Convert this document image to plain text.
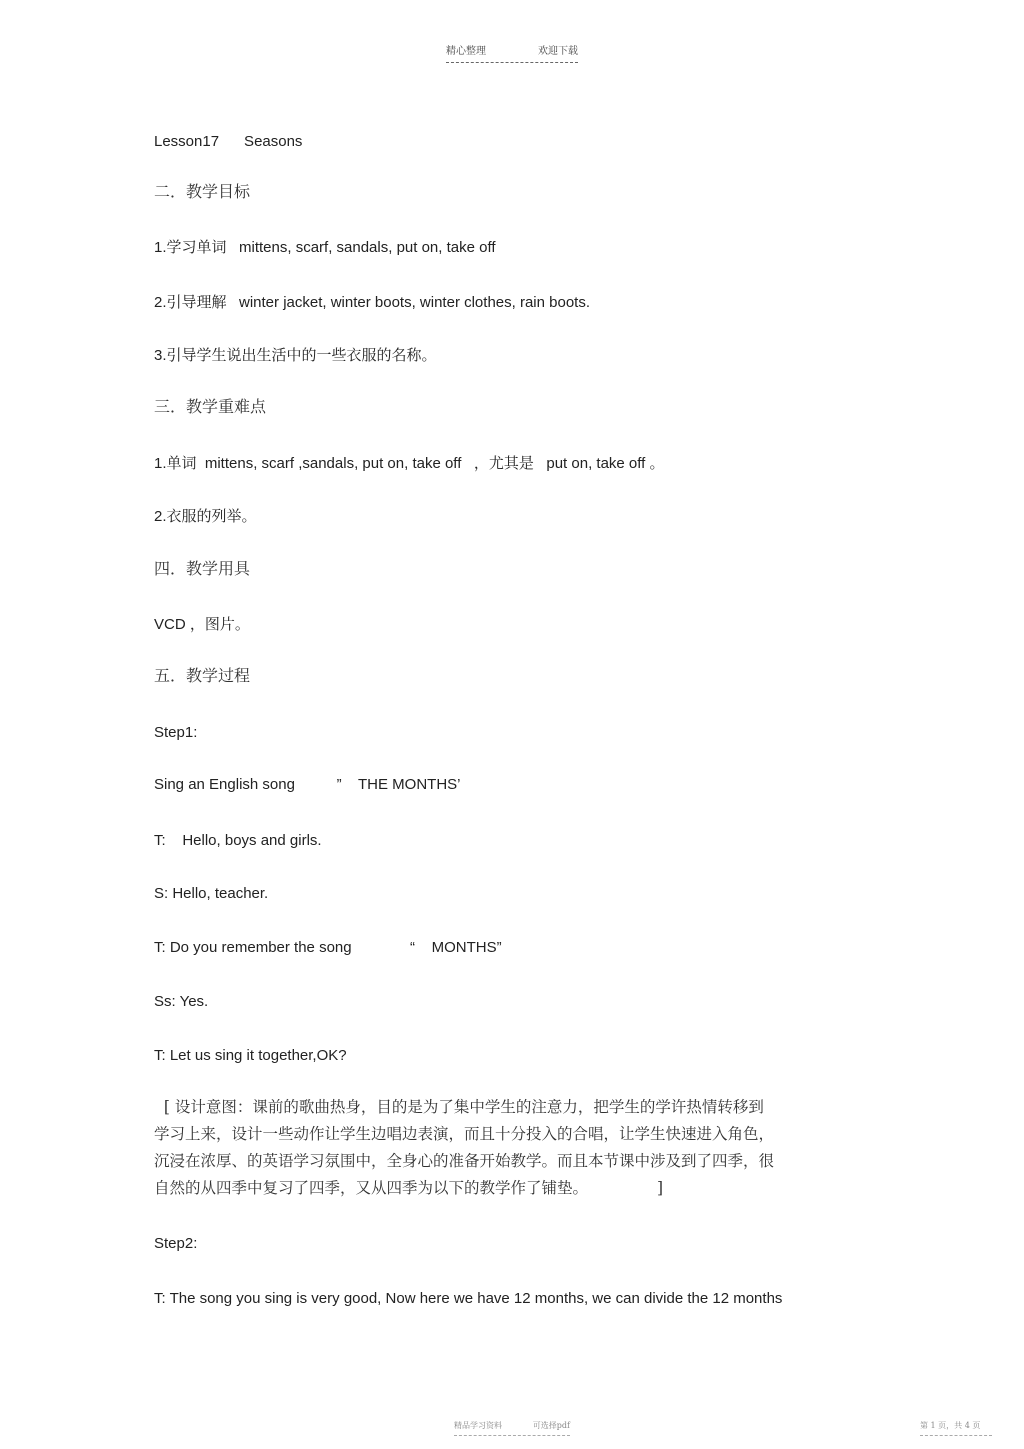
精心整理	欢迎下载
Lesson17      Seasons
二．教学目标
1.学习单词   mittens, scarf, sandals, put on, take off
2.引导理解   winter jacket, winter boots, winter clothes, rain boots.
3.引导学生说出生活中的一些衣服的名称。
三．教学重难点
1.单词  mittens, scarf ,sandals, put on, take off   ，尤其是   put on, take off 。
2.衣服的列举。
四．教学用具
VCD ，图片。
五．教学过程
Step1:
Sing an English song          ”    THE MONTHS’
T:    Hello, boys and girls.
S: Hello, teacher.
T: Do you remember the song              “    MONTHS”
Ss: Yes.
T: Let us sing it together,OK?
[ 设计意图：课前的歌曲热身，目的是为了集中学生的注意力，把学生的学许热情转移到
学习上来，设计一些动作让学生边唱边表演，而且十分投入的合唱，让学生快速进入角色，
沉浸在浓厚、的英语学习氛围中，全身心的准备开始教学。而且本节课中涉及到了四季，很
自然的从四季中复习了四季，又从四季为以下的教学作了铺垫。              ]
Step2:
T: The song you sing is very good, Now here we have 12 months, we can divide the 12 months
精品学习资料	可选择pdf	第 1 页，共 4 页
